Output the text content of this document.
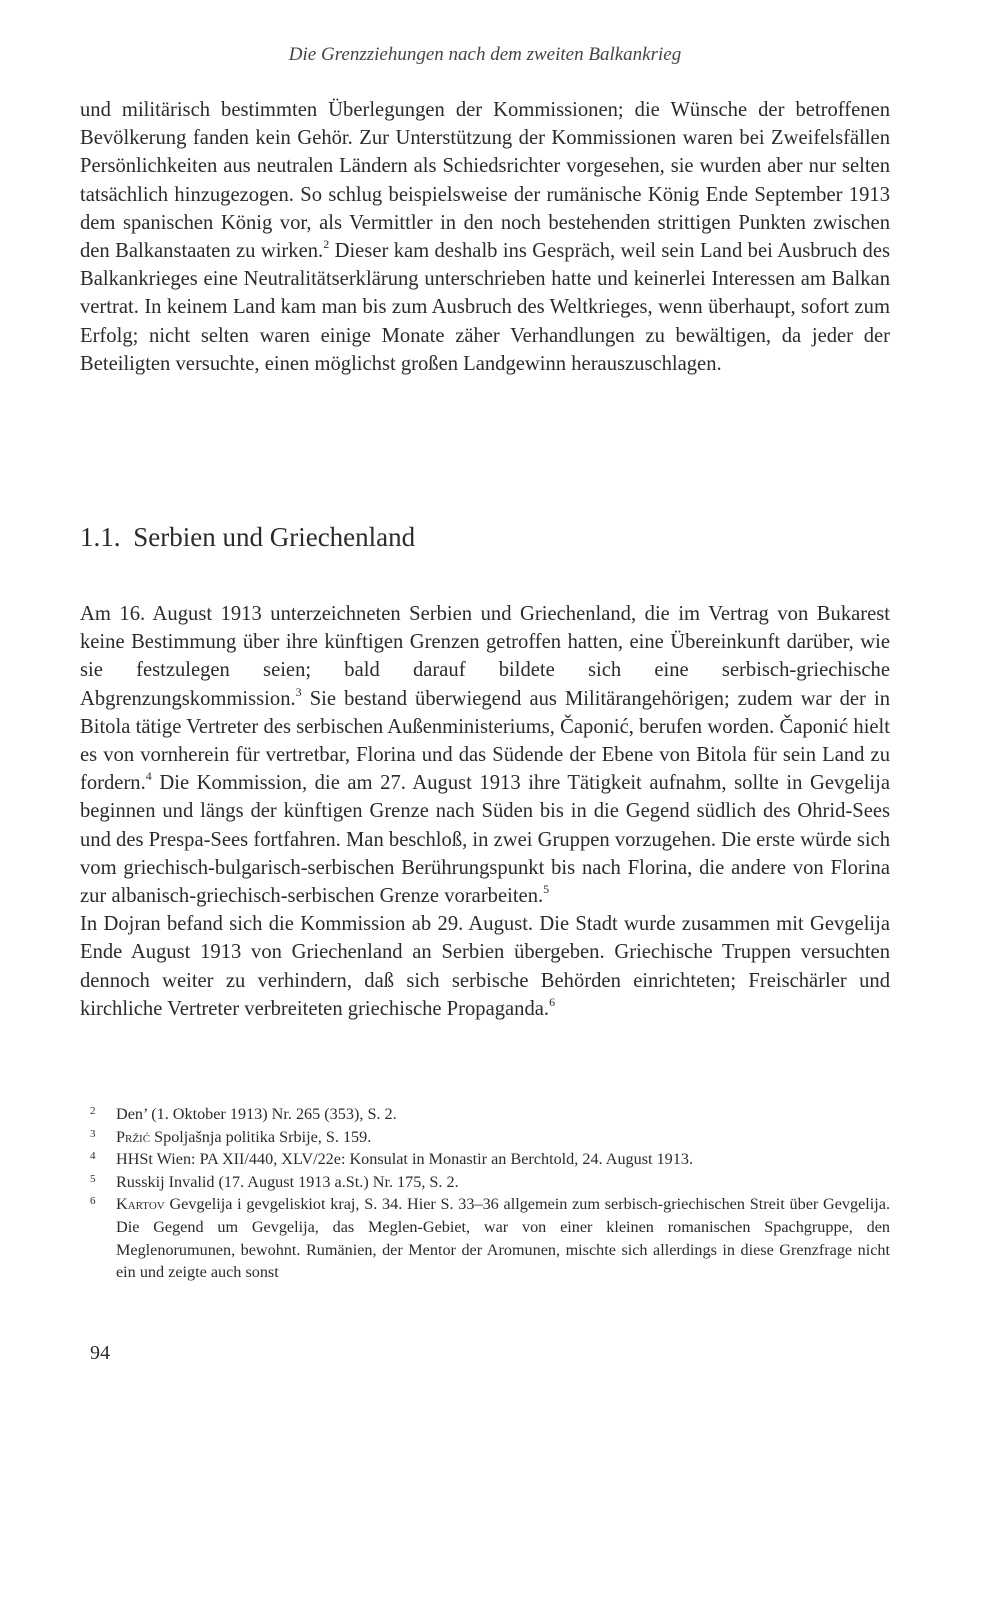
Die Grenzziehungen nach dem zweiten Balkankrieg

und militärisch bestimmten Überlegungen der Kommissionen; die Wünsche der betroffenen Bevölkerung fanden kein Gehör. Zur Unterstützung der Kommissionen waren bei Zweifelsfällen Persönlichkeiten aus neutralen Ländern als Schiedsrichter vorgesehen, sie wurden aber nur selten tatsächlich hinzugezogen. So schlug beispielsweise der rumänische König Ende September 1913 dem spanischen König vor, als Vermittler in den noch bestehenden strittigen Punkten zwischen den Balkanstaaten zu wirken.$^2$ Dieser kam deshalb ins Gespräch, weil sein Land bei Ausbruch des Balkankrieges eine Neutralitätserklärung unterschrieben hatte und keinerlei Interessen am Balkan vertrat. In keinem Land kam man bis zum Ausbruch des Weltkrieges, wenn überhaupt, sofort zum Erfolg; nicht selten waren einige Monate zäher Verhandlungen zu bewältigen, da jeder der Beteiligten versuchte, einen möglichst großen Landgewinn herauszuschlagen.

1.1. Serbien und Griechenland

Am 16. August 1913 unterzeichneten Serbien und Griechenland, die im Vertrag von Bukarest keine Bestimmung über ihre künftigen Grenzen getroffen hatten, eine Übereinkunft darüber, wie sie festzulegen seien; bald darauf bildete sich eine serbisch-griechische Abgrenzungskommission.$^3$ Sie bestand überwiegend aus Militärangehörigen; zudem war der in Bitola tätige Vertreter des serbischen Außenministeriums, Čaponić, berufen worden. Čaponić hielt es von vornherein für vertretbar, Florina und das Südende der Ebene von Bitola für sein Land zu fordern.$^4$ Die Kommission, die am 27. August 1913 ihre Tätigkeit aufnahm, sollte in Gevgelija beginnen und längs der künftigen Grenze nach Süden bis in die Gegend südlich des Ohrid-Sees und des Prespa-Sees fortfahren. Man beschloß, in zwei Gruppen vorzugehen. Die erste würde sich vom griechisch-bulgarisch-serbischen Berührungspunkt bis nach Florina, die andere von Florina zur albanisch-griechisch-serbischen Grenze vorarbeiten.$^5$

In Dojran befand sich die Kommission ab 29. August. Die Stadt wurde zusammen mit Gevgelija Ende August 1913 von Griechenland an Serbien übergeben. Griechische Truppen versuchten dennoch weiter zu verhindern, daß sich serbische Behörden einrichteten; Freischärler und kirchliche Vertreter verbreiteten griechische Propaganda.$^6$

2	Den’ (1. Oktober 1913) Nr. 265 (353), S. 2.
3	Pržić Spoljašnja politika Srbije, S. 159.
4	HHSt Wien: PA XII/440, XLV/22e: Konsulat in Monastir an Berchtold, 24. August 1913.
5	Russkij Invalid (17. August 1913 a.St.) Nr. 175, S. 2.
6	Kartov Gevgelija i gevgeliskiot kraj, S. 34. Hier S. 33–36 allgemein zum serbisch-griechischen Streit über Gevgelija. Die Gegend um Gevgelija, das Meglen-Gebiet, war von einer kleinen romanischen Spachgruppe, den Meglenorumunen, bewohnt. Rumänien, der Mentor der Aromunen, mischte sich allerdings in diese Grenzfrage nicht ein und zeigte auch sonst
94
